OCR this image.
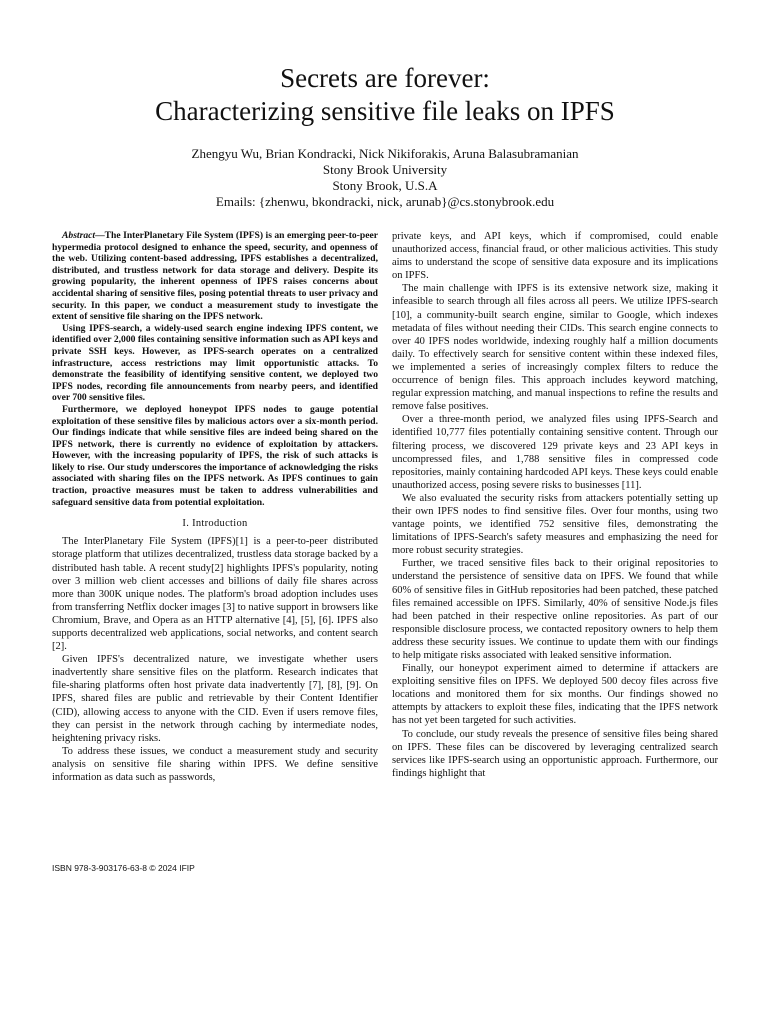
Secrets are forever:
Characterizing sensitive file leaks on IPFS
Zhengyu Wu, Brian Kondracki, Nick Nikiforakis, Aruna Balasubramanian
Stony Brook University
Stony Brook, U.S.A
Emails: {zhenwu, bkondracki, nick, arunab}@cs.stonybrook.edu

Abstract—The InterPlanetary File System (IPFS) is an emerging peer-to-peer hypermedia protocol designed to enhance the speed, security, and openness of the web. Utilizing content-based addressing, IPFS establishes a decentralized, distributed, and trustless network for data storage and delivery. Despite its growing popularity, the inherent openness of IPFS raises concerns about accidental sharing of sensitive files, posing potential threats to user privacy and security. In this paper, we conduct a measurement study to investigate the extent of sensitive file sharing on the IPFS network.

Using IPFS-search, a widely-used search engine indexing IPFS content, we identified over 2,000 files containing sensitive information such as API keys and private SSH keys. However, as IPFS-search operates on a centralized infrastructure, access restrictions may limit opportunistic attacks. To demonstrate the feasibility of identifying sensitive content, we deployed two IPFS nodes, recording file announcements from nearby peers, and identified over 700 sensitive files.

Furthermore, we deployed honeypot IPFS nodes to gauge potential exploitation of these sensitive files by malicious actors over a six-month period. Our findings indicate that while sensitive files are indeed being shared on the IPFS network, there is currently no evidence of exploitation by attackers. However, with the increasing popularity of IPFS, the risk of such attacks is likely to rise. Our study underscores the importance of acknowledging the risks associated with sharing files on the IPFS network. As IPFS continues to gain traction, proactive measures must be taken to address vulnerabilities and safeguard sensitive data from potential exploitation.

I. Introduction

The InterPlanetary File System (IPFS)[1] is a peer-to-peer distributed storage platform that utilizes decentralized, trustless data storage backed by a distributed hash table. A recent study[2] highlights IPFS's popularity, noting over 3 million web client accesses and billions of daily file shares across more than 300K unique nodes. The platform's broad adoption includes uses from transferring Netflix docker images [3] to native support in browsers like Chromium, Brave, and Opera as an HTTP alternative [4], [5], [6]. IPFS also supports decentralized web applications, social networks, and content search [2].

Given IPFS's decentralized nature, we investigate whether users inadvertently share sensitive files on the platform. Research indicates that file-sharing platforms often host private data inadvertently [7], [8], [9]. On IPFS, shared files are public and retrievable by their Content Identifier (CID), allowing access to anyone with the CID. Even if users remove files, they can persist in the network through caching by intermediate nodes, heightening privacy risks.

To address these issues, we conduct a measurement study and security analysis on sensitive file sharing within IPFS. We define sensitive information as data such as passwords,

private keys, and API keys, which if compromised, could enable unauthorized access, financial fraud, or other malicious activities. This study aims to understand the scope of sensitive data exposure and its implications on IPFS.

The main challenge with IPFS is its extensive network size, making it infeasible to search through all files across all peers. We utilize IPFS-search [10], a community-built search engine, similar to Google, which indexes metadata of files without needing their CIDs. This search engine connects to over 40 IPFS nodes worldwide, indexing roughly half a million documents daily. To effectively search for sensitive content within these indexed files, we implemented a series of increasingly complex filters to reduce the occurrence of benign files. This approach includes keyword matching, regular expression matching, and manual inspections to refine the results and remove false positives.

Over a three-month period, we analyzed files using IPFS-Search and identified 10,777 files potentially containing sensitive content. Through our filtering process, we discovered 129 private keys and 23 API keys in uncompressed files, and 1,788 sensitive files in compressed code repositories, mainly containing hardcoded API keys. These keys could enable unauthorized access, posing severe risks to businesses [11].

We also evaluated the security risks from attackers potentially setting up their own IPFS nodes to find sensitive files. Over four months, using two vantage points, we identified 752 sensitive files, demonstrating the limitations of IPFS-Search's safety measures and emphasizing the need for more robust security strategies.

Further, we traced sensitive files back to their original repositories to understand the persistence of sensitive data on IPFS. We found that while 60% of sensitive files in GitHub repositories had been patched, these patched files remained accessible on IPFS. Similarly, 40% of sensitive Node.js files had been patched in their respective online repositories. As part of our responsible disclosure process, we contacted repository owners to help them address these security issues. We continue to update them with our findings to help mitigate risks associated with leaked sensitive information.

Finally, our honeypot experiment aimed to determine if attackers are exploiting sensitive files on IPFS. We deployed 500 decoy files across five locations and monitored them for six months. Our findings showed no attempts by attackers to exploit these files, indicating that the IPFS network has not yet been targeted for such activities.

To conclude, our study reveals the presence of sensitive files being shared on IPFS. These files can be discovered by leveraging centralized search services like IPFS-search using an opportunistic approach. Furthermore, our findings highlight that

ISBN 978-3-903176-63-8 © 2024 IFIP
